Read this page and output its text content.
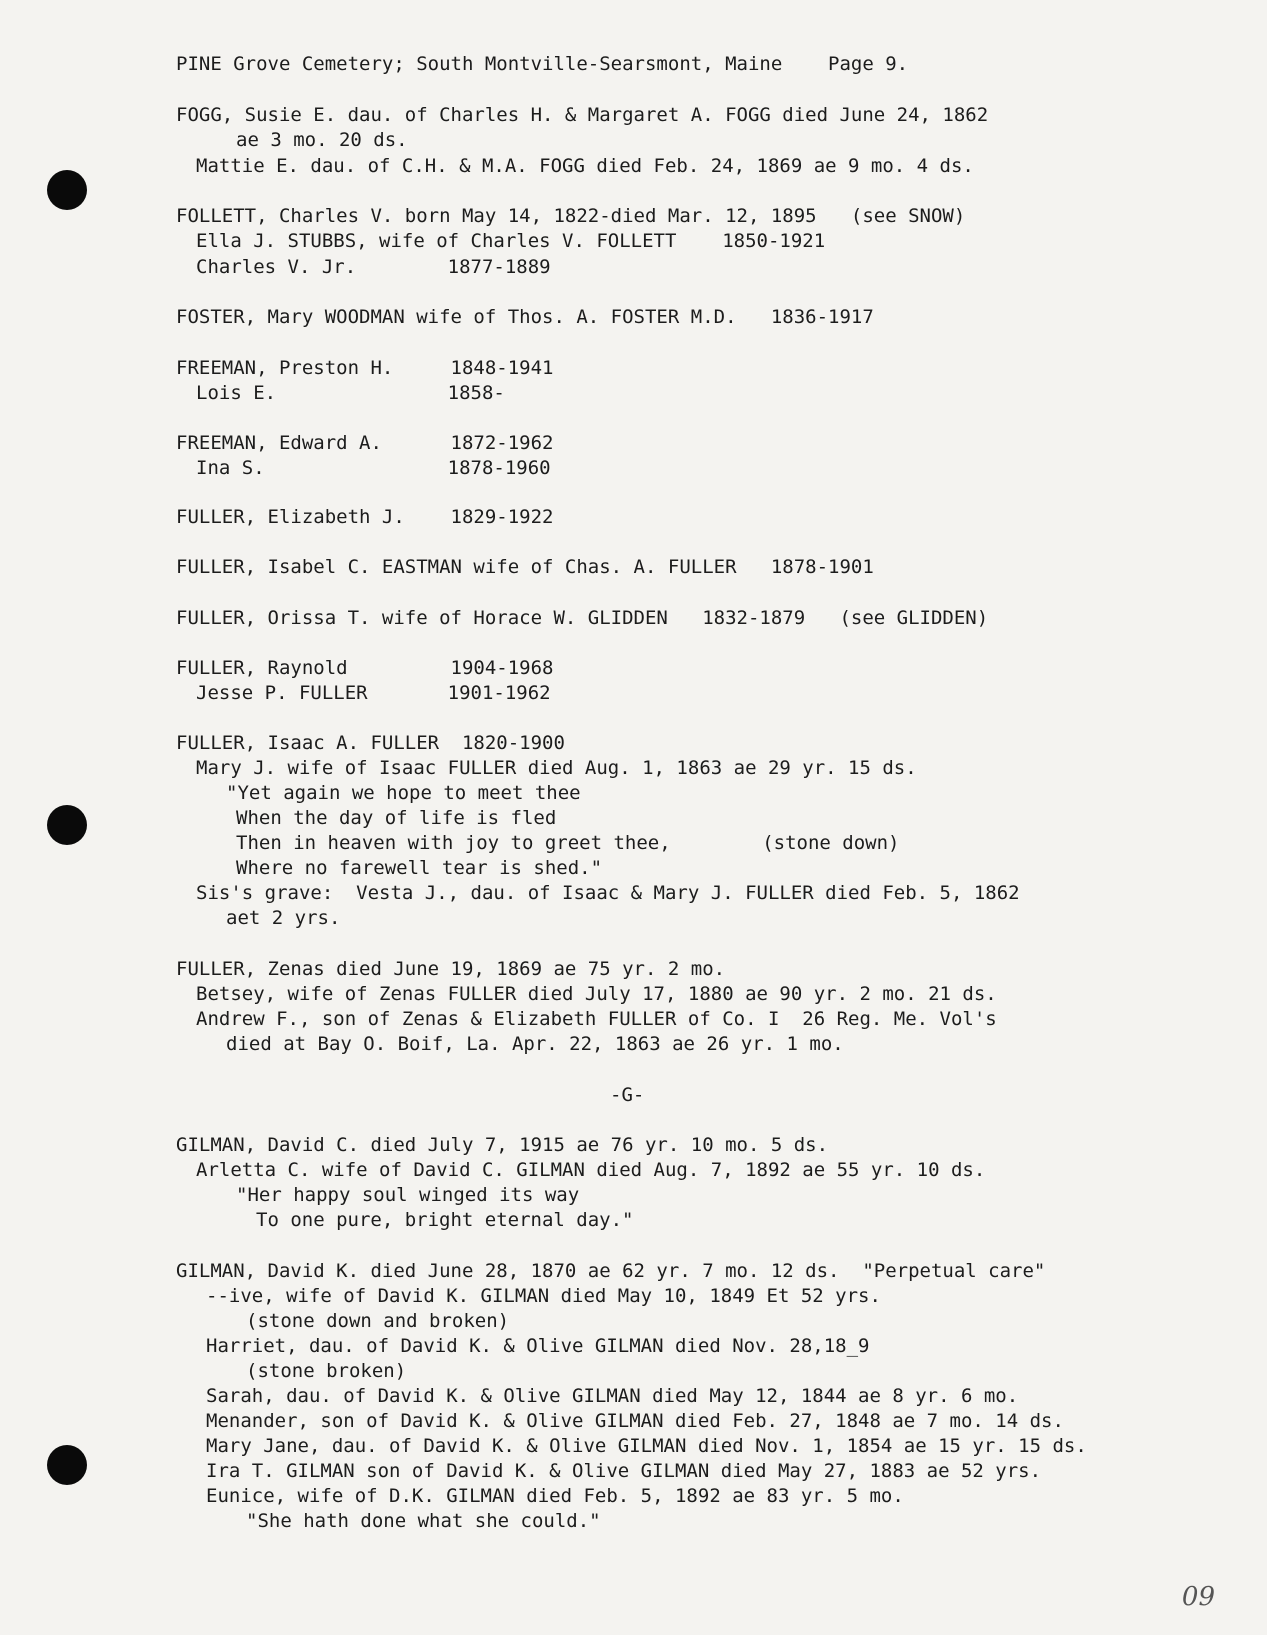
PINE Grove Cemetery; South Montville-Searsmont, Maine    Page 9.
FOGG, Susie E. dau. of Charles H. & Margaret A. FOGG died June 24, 1862
ae 3 mo. 20 ds.
Mattie E. dau. of C.H. & M.A. FOGG died Feb. 24, 1869 ae 9 mo. 4 ds.
FOLLETT, Charles V. born May 14, 1822-died Mar. 12, 1895   (see SNOW)
Ella J. STUBBS, wife of Charles V. FOLLETT    1850-1921
Charles V. Jr.        1877-1889
FOSTER, Mary WOODMAN wife of Thos. A. FOSTER M.D.   1836-1917
FREEMAN, Preston H.     1848-1941
Lois E.               1858-
FREEMAN, Edward A.      1872-1962
Ina S.                1878-1960
FULLER, Elizabeth J.    1829-1922
FULLER, Isabel C. EASTMAN wife of Chas. A. FULLER   1878-1901
FULLER, Orissa T. wife of Horace W. GLIDDEN   1832-1879   (see GLIDDEN)
FULLER, Raynold         1904-1968
Jesse P. FULLER       1901-1962
FULLER, Isaac A. FULLER  1820-1900
Mary J. wife of Isaac FULLER died Aug. 1, 1863 ae 29 yr. 15 ds.
"Yet again we hope to meet thee
When the day of life is fled
Then in heaven with joy to greet thee,        (stone down)
Where no farewell tear is shed."
Sis's grave:  Vesta J., dau. of Isaac & Mary J. FULLER died Feb. 5, 1862
aet 2 yrs.
FULLER, Zenas died June 19, 1869 ae 75 yr. 2 mo.
Betsey, wife of Zenas FULLER died July 17, 1880 ae 90 yr. 2 mo. 21 ds.
Andrew F., son of Zenas & Elizabeth FULLER of Co. I  26 Reg. Me. Vol's
died at Bay O. Boif, La. Apr. 22, 1863 ae 26 yr. 1 mo.
-G-
GILMAN, David C. died July 7, 1915 ae 76 yr. 10 mo. 5 ds.
Arletta C. wife of David C. GILMAN died Aug. 7, 1892 ae 55 yr. 10 ds.
"Her happy soul winged its way
To one pure, bright eternal day."
GILMAN, David K. died June 28, 1870 ae 62 yr. 7 mo. 12 ds.  "Perpetual care"
--ive, wife of David K. GILMAN died May 10, 1849 Et 52 yrs.
(stone down and broken)
Harriet, dau. of David K. & Olive GILMAN died Nov. 28,18_9
(stone broken)
Sarah, dau. of David K. & Olive GILMAN died May 12, 1844 ae 8 yr. 6 mo.
Menander, son of David K. & Olive GILMAN died Feb. 27, 1848 ae 7 mo. 14 ds.
Mary Jane, dau. of David K. & Olive GILMAN died Nov. 1, 1854 ae 15 yr. 15 ds.
Ira T. GILMAN son of David K. & Olive GILMAN died May 27, 1883 ae 52 yrs.
Eunice, wife of D.K. GILMAN died Feb. 5, 1892 ae 83 yr. 5 mo.
"She hath done what she could."
09
